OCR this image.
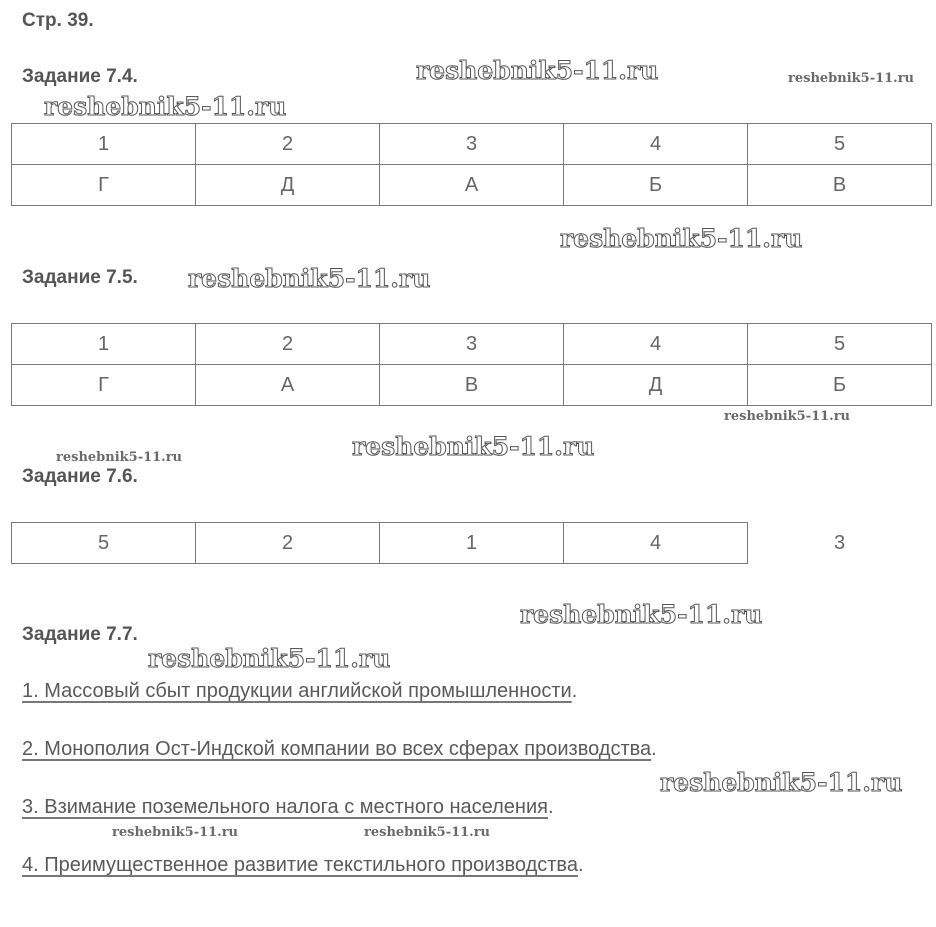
Стр. 39.
Задание 7.4.
1	2	3	4	5
Г	Д	А	Б	В
Задание 7.5.
1	2	3	4	5
Г	А	В	Д	Б
Задание 7.6.
5	2	1	4	3
Задание 7.7.
1. Массовый сбыт продукции английской промышленности.
2. Монополия Ост-Индской компании во всех сферах производства.
3. Взимание поземельного налога с местного населения.
4. Преимущественное развитие текстильного производства.
reshebnik5-11.ru	reshebnik5-11.ru
reshebnik5-11.ru
reshebnik5-11.ru
reshebnik5-11.ru
reshebnik5-11.ru
reshebnik5-11.ru
reshebnik5-11.ru
reshebnik5-11.ru
reshebnik5-11.ru
reshebnik5-11.ru
reshebnik5-11.ru	reshebnik5-11.ru
